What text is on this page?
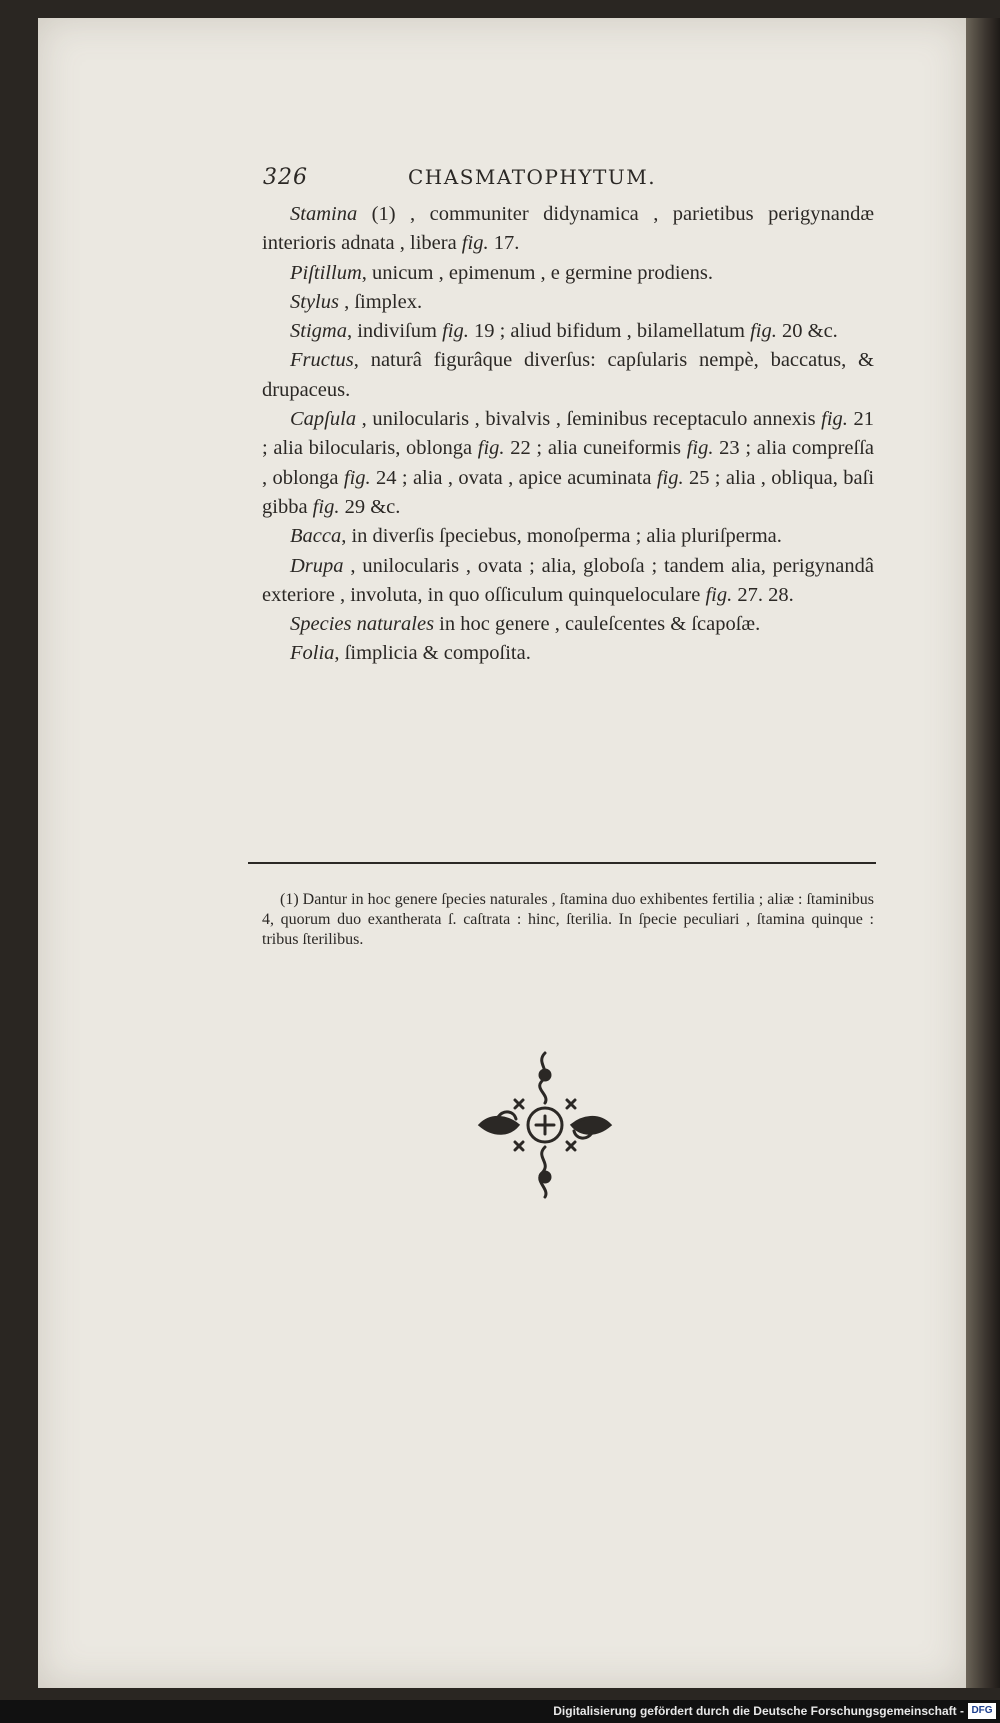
326	CHASMATOPHYTUM.

Stamina (1) , communiter didynamica , parietibus perigynandæ interioris adnata , libera fig. 17.

Piſtillum, unicum , epimenum , e germine prodiens.

Stylus , ſimplex.

Stigma, indiviſum fig. 19 ; aliud bifidum , bilamellatum fig. 20 &c.

Fructus, naturâ figurâque diverſus: capſularis nempè, baccatus, & drupaceus.

Capſula , unilocularis , bivalvis , ſeminibus receptaculo annexis fig. 21 ; alia bilocularis, oblonga fig. 22 ; alia cuneiformis fig. 23 ; alia compreſſa , oblonga fig. 24 ; alia , ovata , apice acuminata fig. 25 ; alia , obliqua, baſi gibba fig. 29 &c.

Bacca, in diverſis ſpeciebus, monoſperma ; alia pluriſperma.

Drupa , unilocularis , ovata ; alia, globoſa ; tandem alia, perigynandâ exteriore , involuta, in quo oſſiculum quinqueloculare fig. 27. 28.

Species naturales in hoc genere , cauleſcentes & ſcapoſæ.

Folia, ſimplicia & compoſita.

(1) Dantur in hoc genere ſpecies naturales , ſtamina duo exhibentes fertilia ; aliæ : ſtaminibus 4, quorum duo exantherata ſ. caſtrata : hinc, ſterilia. In ſpecie peculiari , ſtamina quinque : tribus ſterilibus.

Digitalisierung gefördert durch die Deutsche Forschungsgemeinschaft - DFG
